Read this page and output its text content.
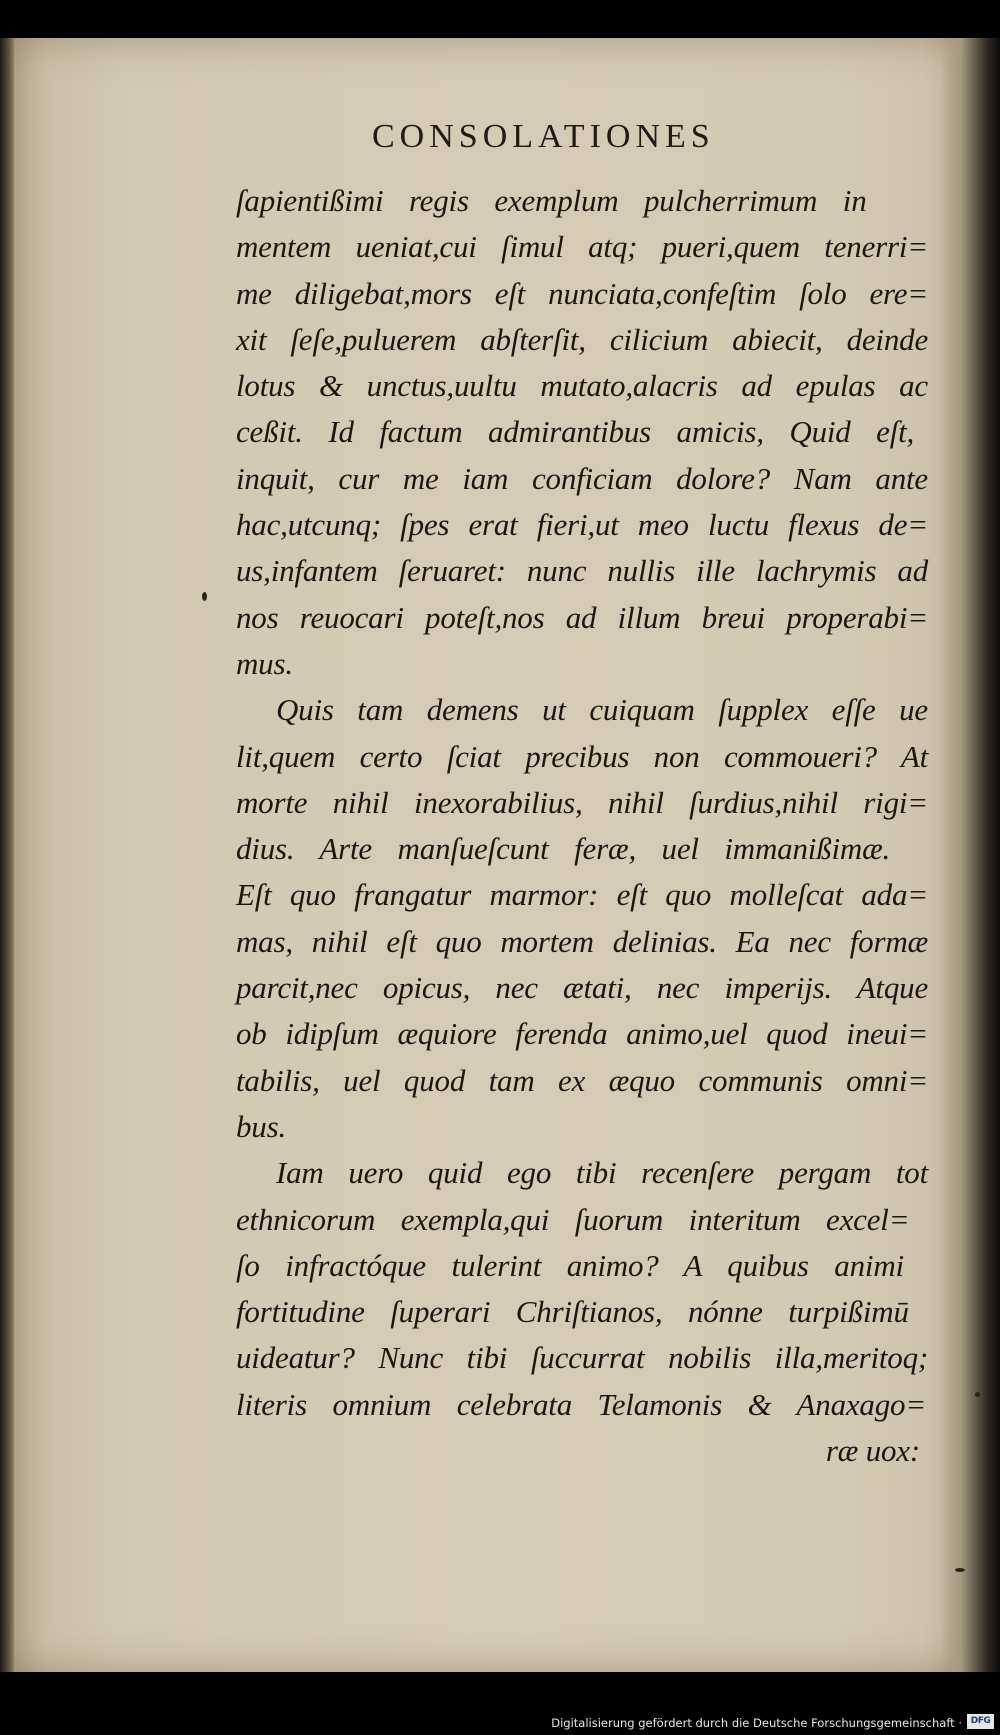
CONSOLATIONES
ſapientißimi regis exemplum pulcherrimum in
mentem ueniat,cui ſimul atq; pueri,quem tenerri=
me diligebat,mors eſt nunciata,confeſtim ſolo ere=
xit ſeſe,puluerem abſterſit, cilicium abiecit, deinde
lotus & unctus,uultu mutato,alacris ad epulas ac
ceßit. Id factum admirantibus amicis, Quid eſt,
inquit, cur me iam conficiam dolore? Nam ante
hac,utcunq; ſpes erat fieri,ut meo luctu flexus de=
us,infantem ſeruaret: nunc nullis ille lachrymis ad
nos reuocari poteſt,nos ad illum breui properabi=
mus.
Quis tam demens ut cuiquam ſupplex eſſe ue
lit,quem certo ſciat precibus non commoueri? At
morte nihil inexorabilius, nihil ſurdius,nihil rigi=
dius. Arte manſueſcunt feræ, uel immanißimæ.
Eſt quo frangatur marmor: eſt quo molleſcat ada=
mas, nihil eſt quo mortem delinias. Ea nec formæ
parcit,nec opicus, nec ætati, nec imperijs. Atque
ob idipſum æquiore ferenda animo,uel quod ineui=
tabilis, uel quod tam ex æquo communis omni=
bus.
Iam uero quid ego tibi recenſere pergam tot
ethnicorum exempla,qui ſuorum interitum excel=
ſo infractóque tulerint animo? A quibus animi
fortitudine ſuperari Chriſtianos, nónne turpißimū
uideatur? Nunc tibi ſuccurrat nobilis illa,meritoq;
literis omnium celebrata Telamonis & Anaxago=
ræ uox:
Digitalisierung gefördert durch die Deutsche Forschungsgemeinschaft · DFG
